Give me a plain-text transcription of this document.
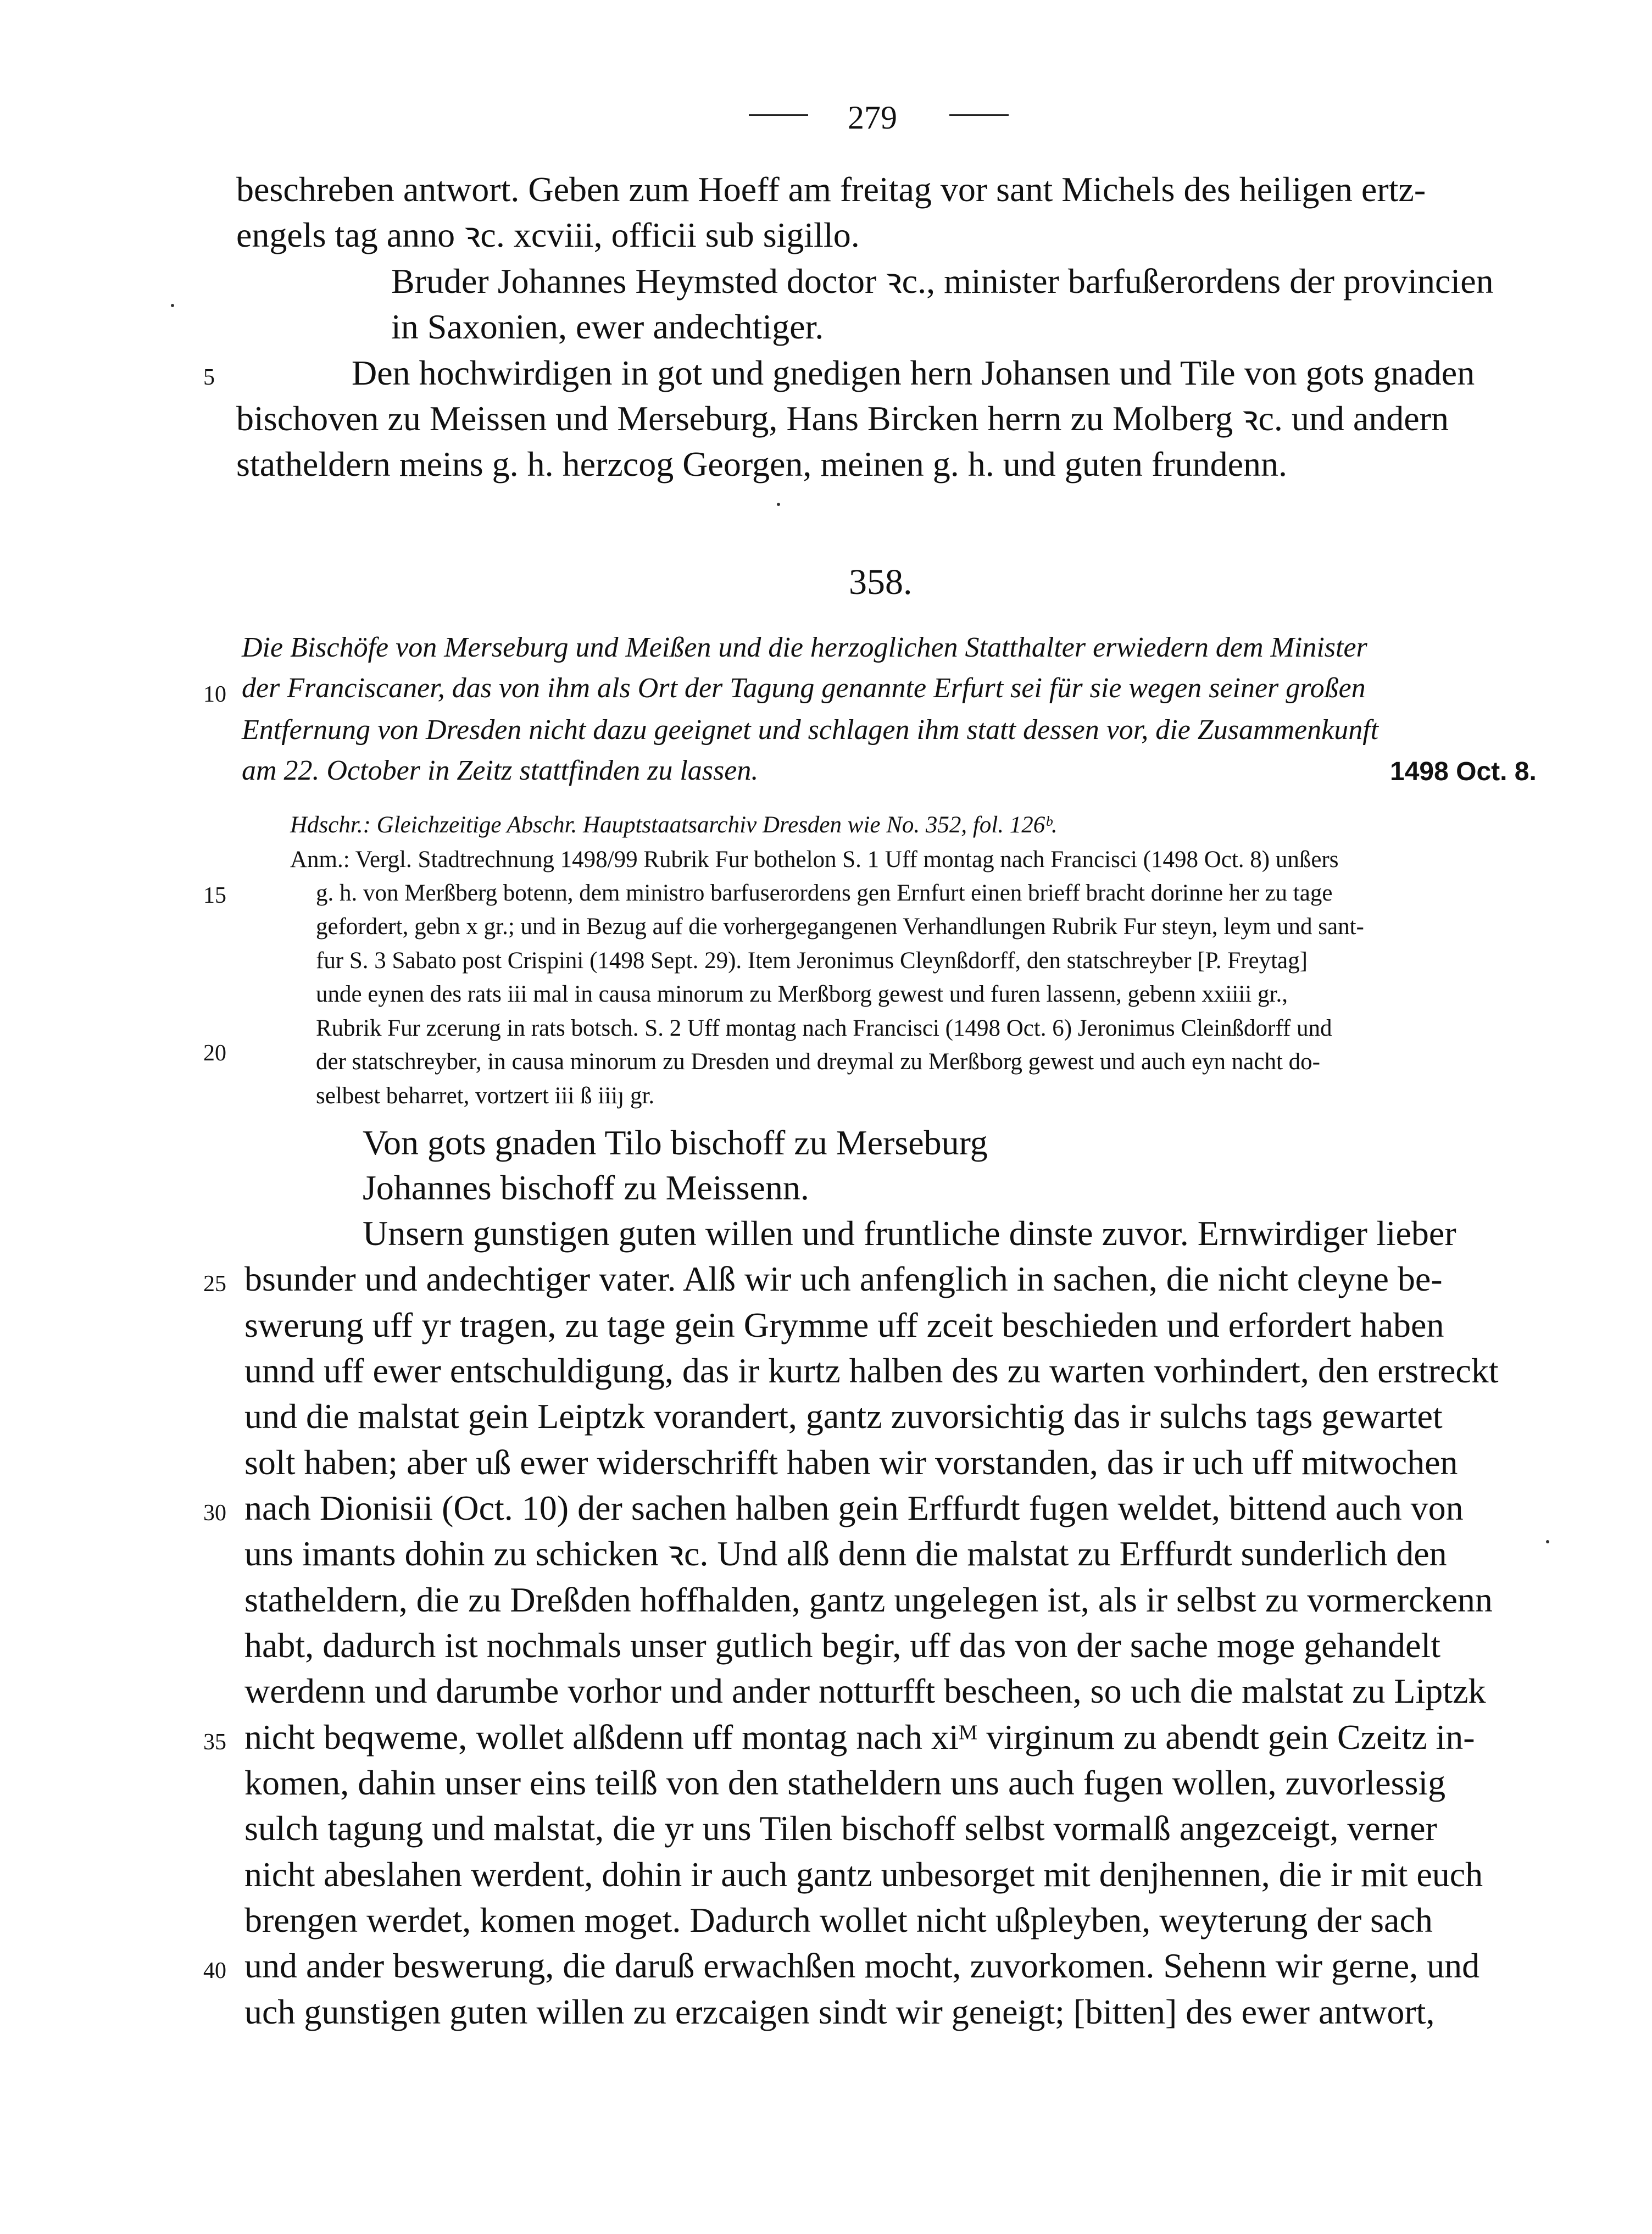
279
beschreben antwort. Geben zum Hoeff am freitag vor sant Michels des heiligen ertz-
engels tag anno ꝛc. xcviii, officii sub sigillo.
Bruder Johannes Heymsted doctor ꝛc., minister barfußerordens der provincien
in Saxonien, ewer andechtiger.
Den hochwirdigen in got und gnedigen hern Johansen und Tile von gots gnaden
bischoven zu Meissen und Merseburg, Hans Bircken herrn zu Molberg ꝛc. und andern
statheldern meins g. h. herzcog Georgen, meinen g. h. und guten frundenn.
358.
Die Bischöfe von Merseburg und Meißen und die herzoglichen Statthalter erwiedern dem Minister
der Franciscaner, das von ihm als Ort der Tagung genannte Erfurt sei für sie wegen seiner großen
Entfernung von Dresden nicht dazu geeignet und schlagen ihm statt dessen vor, die Zusammenkunft
am 22. October in Zeitz stattfinden zu lassen.	1498 Oct. 8.
Hdschr.: Gleichzeitige Abschr. Hauptstaatsarchiv Dresden wie No. 352, fol. 126ᵇ.
Anm.: Vergl. Stadtrechnung 1498/99 Rubrik Fur bothelon S. 1 Uff montag nach Francisci (1498 Oct. 8) unßers
g. h. von Merßberg botenn, dem ministro barfuserordens gen Ernfurt einen brieff bracht dorinne her zu tage
gefordert, gebn x gr.; und in Bezug auf die vorhergegangenen Verhandlungen Rubrik Fur steyn, leym und sant-
fur S. 3 Sabato post Crispini (1498 Sept. 29). Item Jeronimus Cleynßdorff, den statschreyber [P. Freytag]
unde eynen des rats iii mal in causa minorum zu Merßborg gewest und furen lassenn, gebenn xxiiii gr.,
Rubrik Fur zcerung in rats botsch. S. 2 Uff montag nach Francisci (1498 Oct. 6) Jeronimus Cleinßdorff und
der statschreyber, in causa minorum zu Dresden und dreymal zu Merßborg gewest und auch eyn nacht do-
selbest beharret, vortzert iii ß iiiȷ gr.
Von gots gnaden Tilo bischoff zu Merseburg
Johannes bischoff zu Meissenn.
Unsern gunstigen guten willen und fruntliche dinste zuvor. Ernwirdiger lieber
bsunder und andechtiger vater. Alß wir uch anfenglich in sachen, die nicht cleyne be-
swerung uff yr tragen, zu tage gein Grymme uff zceit beschieden und erfordert haben
unnd uff ewer entschuldigung, das ir kurtz halben des zu warten vorhindert, den erstreckt
und die malstat gein Leiptzk vorandert, gantz zuvorsichtig das ir sulchs tags gewartet
solt haben; aber uß ewer widerschrifft haben wir vorstanden, das ir uch uff mitwochen
nach Dionisii (Oct. 10) der sachen halben gein Erffurdt fugen weldet, bittend auch von
uns imants dohin zu schicken ꝛc. Und alß denn die malstat zu Erffurdt sunderlich den
statheldern, die zu Dreßden hoffhalden, gantz ungelegen ist, als ir selbst zu vormerckenn
habt, dadurch ist nochmals unser gutlich begir, uff das von der sache moge gehandelt
werdenn und darumbe vorhor und ander notturfft bescheen, so uch die malstat zu Liptzk
nicht beqweme, wollet alßdenn uff montag nach xiᴹ virginum zu abendt gein Czeitz in-
komen, dahin unser eins teilß von den statheldern uns auch fugen wollen, zuvorlessig
sulch tagung und malstat, die yr uns Tilen bischoff selbst vormalß angezceigt, verner
nicht abeslahen werdent, dohin ir auch gantz unbesorget mit denjhennen, die ir mit euch
brengen werdet, komen moget. Dadurch wollet nicht ußpleyben, weyterung der sach
und ander beswerung, die daruß erwachßen mocht, zuvorkomen. Sehenn wir gerne, und
uch gunstigen guten willen zu erzcaigen sindt wir geneigt; [bitten] des ewer antwort,
5
10
15
20
25
30
35
40
